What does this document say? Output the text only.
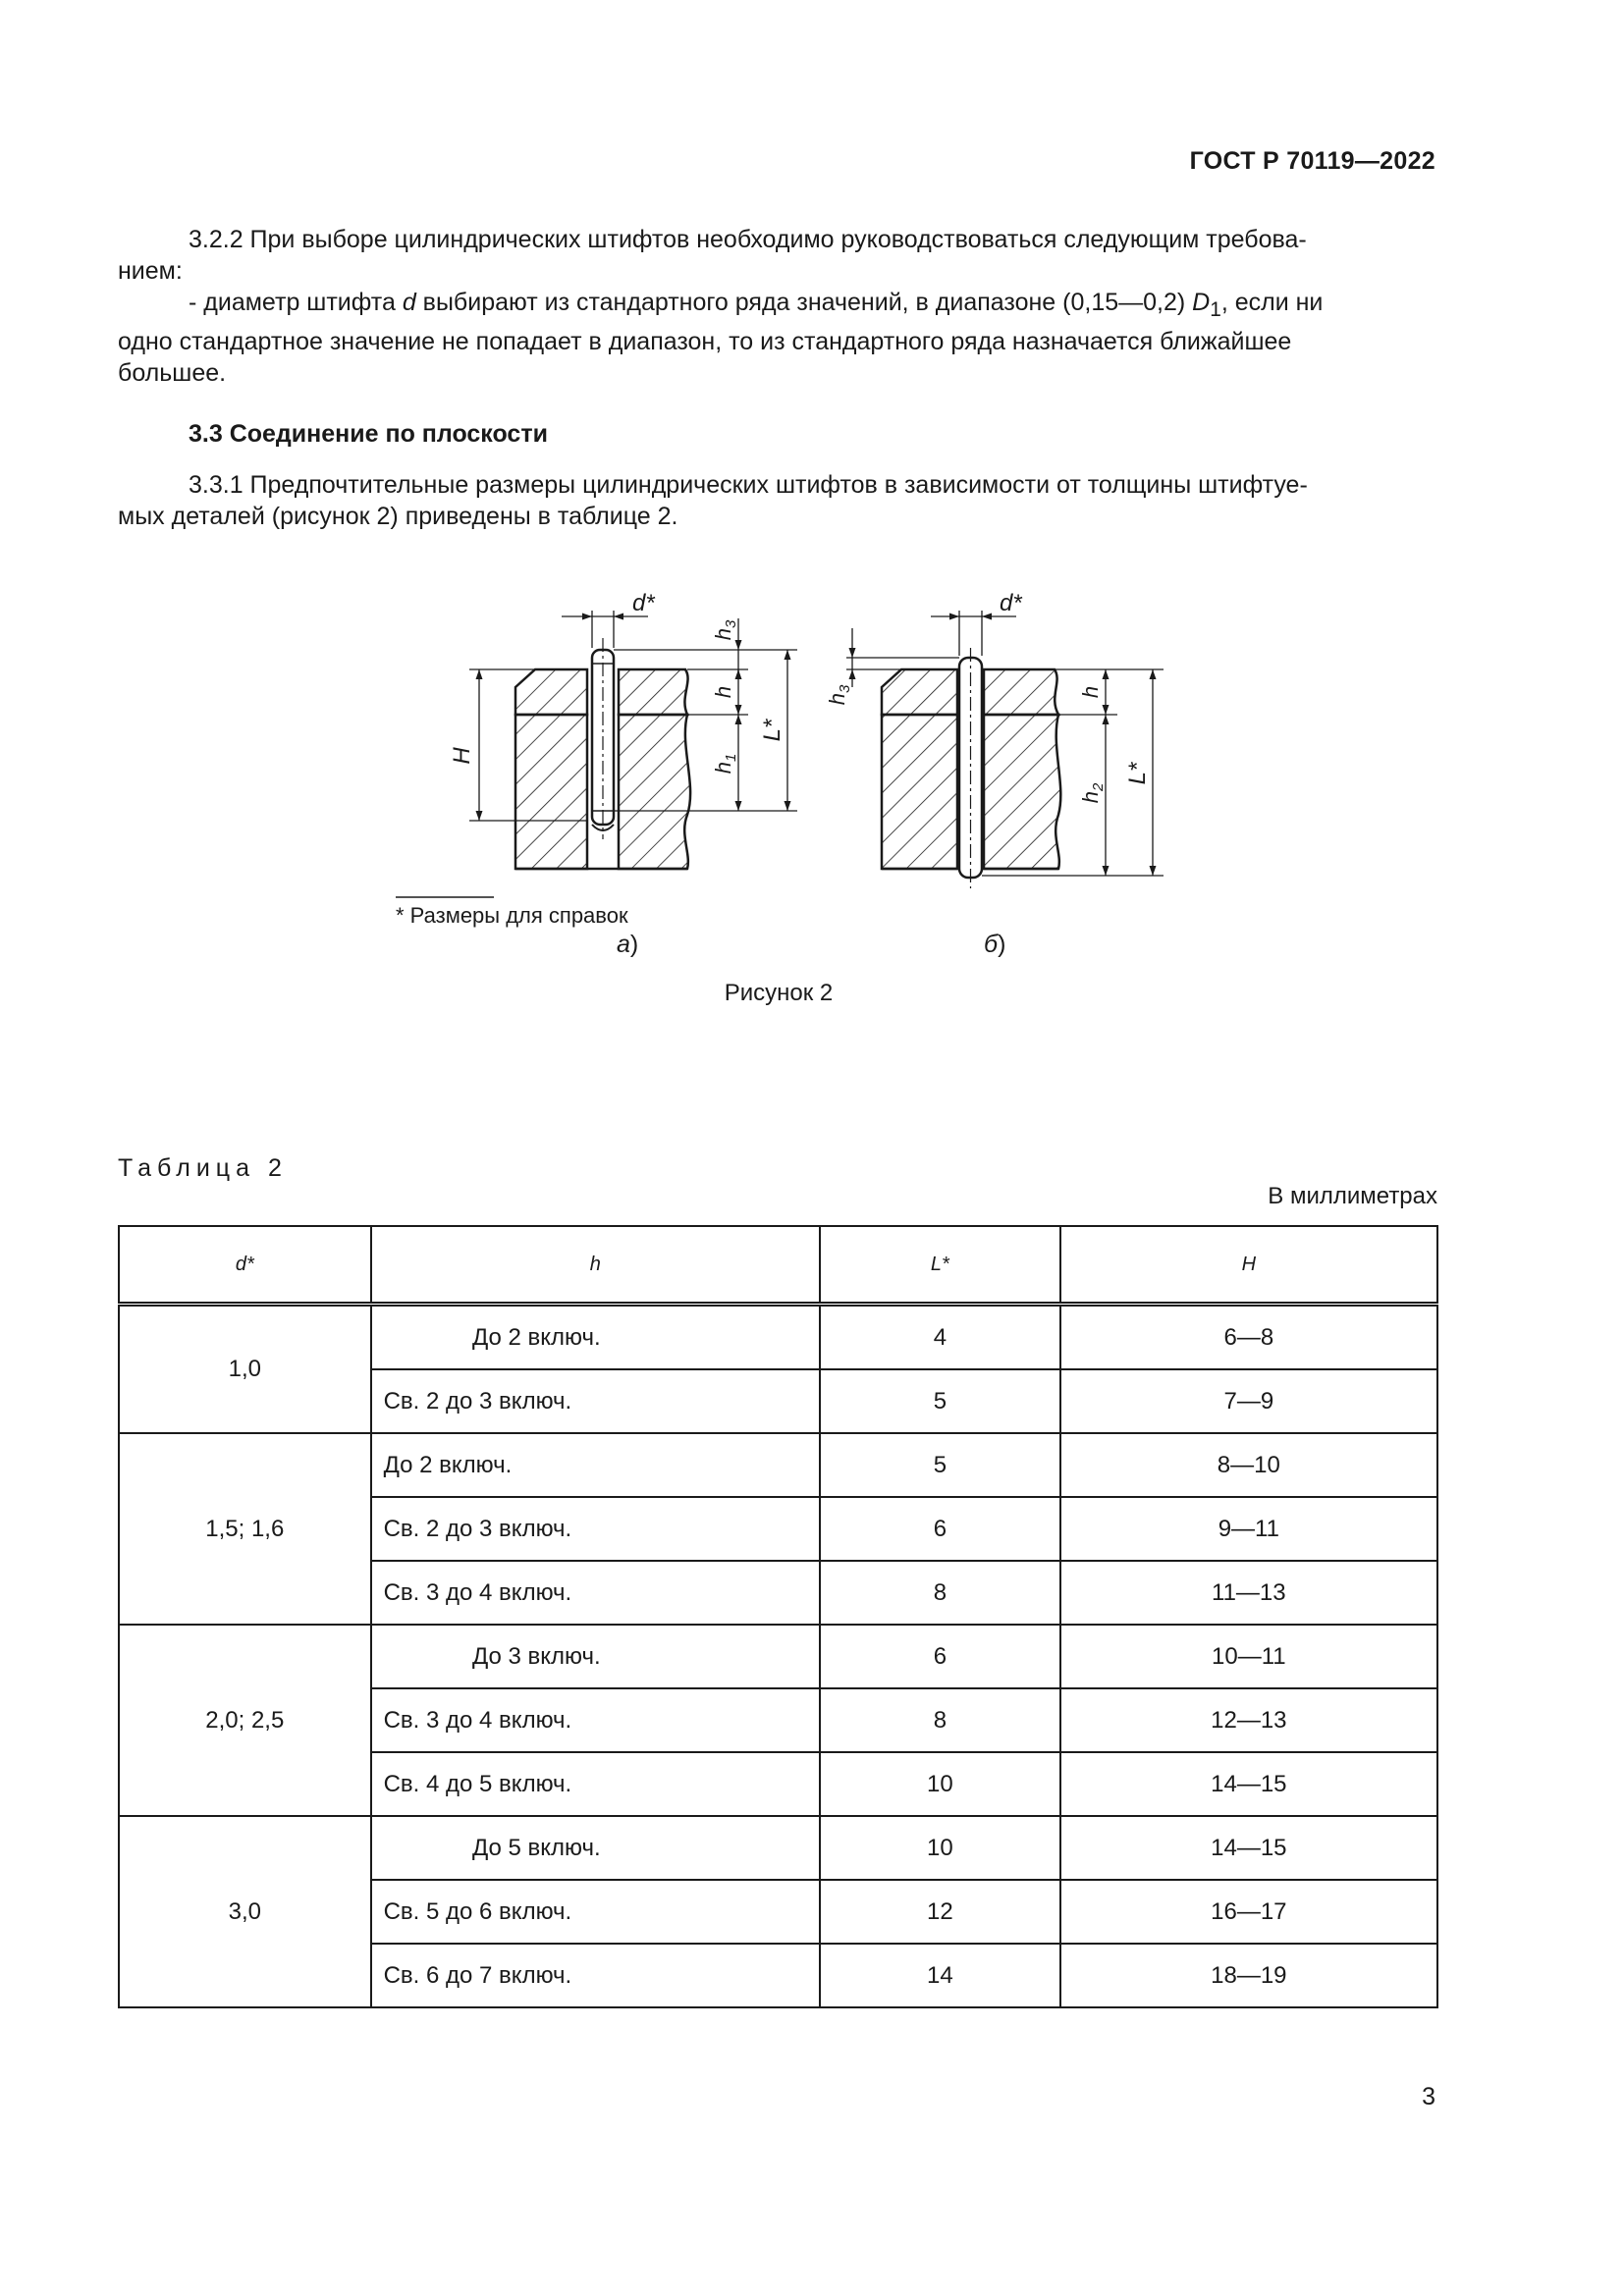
ГОСТ Р 70119—2022
3.2.2 При выборе цилиндрических штифтов необходимо руководствоваться следующим требова-
нием:
- диаметр штифта d выбирают из стандартного ряда значений, в диапазоне (0,15—0,2) $D_1$, если ни
одно стандартное значение не попадает в диапазон, то из стандартного ряда назначается ближайшее
большее.
3.3 Соединение по плоскости
3.3.1 Предпочтительные размеры цилиндрических штифтов в зависимости от толщины штифтуе-
мых деталей (рисунок 2) приведены в таблице 2.
d*	d*
H
$h_3$
h
$h_1$
L*
$h_3$	h
$h_2$
L*
* Размеры для справок
а)	б)
Рисунок 2
Таблица 2
В миллиметрах
d*	h	L*	H
1,0	До 2 включ.	4	6—8
	Св. 2 до 3 включ.	5	7—9
1,5; 1,6	До 2 включ.	5	8—10
	Св. 2 до 3 включ.	6	9—11
	Св. 3 до 4 включ.	8	11—13
2,0; 2,5	До 3 включ.	6	10—11
	Св. 3 до 4 включ.	8	12—13
	Св. 4 до 5 включ.	10	14—15
3,0	До 5 включ.	10	14—15
	Св. 5 до 6 включ.	12	16—17
	Св. 6 до 7 включ.	14	18—19
3
